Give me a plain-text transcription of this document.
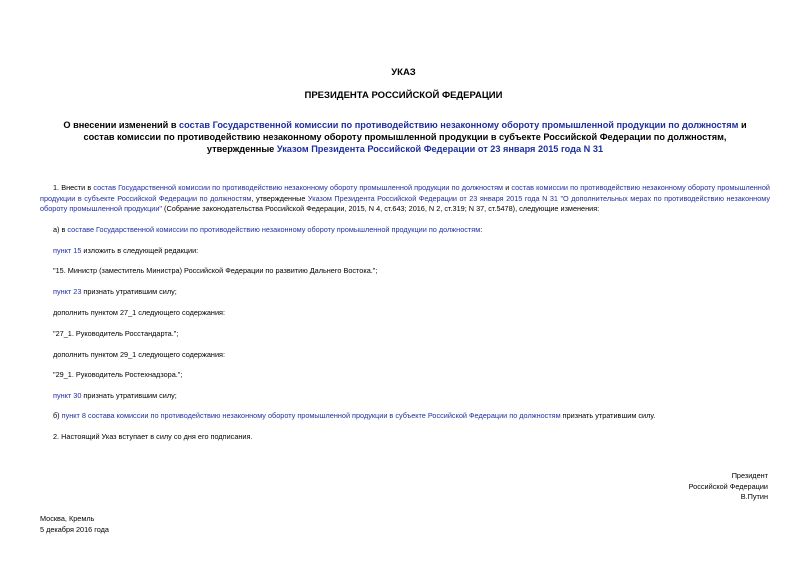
УКАЗ
ПРЕЗИДЕНТА РОССИЙСКОЙ ФЕДЕРАЦИИ
О внесении изменений в состав Государственной комиссии по противодействию незаконному обороту промышленной продукции по должностям и состав комиссии по противодействию незаконному обороту промышленной продукции в субъекте Российской Федерации по должностям, утвержденные Указом Президента Российской Федерации от 23 января 2015 года N 31
1. Внести в состав Государственной комиссии по противодействию незаконному обороту промышленной продукции по должностям и состав комиссии по противодействию незаконному обороту промышленной продукции в субъекте Российской Федерации по должностям, утвержденные Указом Президента Российской Федерации от 23 января 2015 года N 31 "О дополнительных мерах по противодействию незаконному обороту промышленной продукции" (Собрание законодательства Российской Федерации, 2015, N 4, ст.643; 2016, N 2, ст.319; N 37, ст.5478), следующие изменения:
а) в составе Государственной комиссии по противодействию незаконному обороту промышленной продукции по должностям:
пункт 15 изложить в следующей редакции:
"15. Министр (заместитель Министра) Российской Федерации по развитию Дальнего Востока.";
пункт 23 признать утратившим силу;
дополнить пунктом 27_1 следующего содержания:
"27_1. Руководитель Росстандарта.";
дополнить пунктом 29_1 следующего содержания:
"29_1. Руководитель Ростехнадзора.";
пункт 30 признать утратившим силу;
б) пункт 8 состава комиссии по противодействию незаконному обороту промышленной продукции в субъекте Российской Федерации по должностям признать утратившим силу.
2. Настоящий Указ вступает в силу со дня его подписания.
Президент
Российской Федерации
В.Путин
Москва, Кремль
5 декабря 2016 года
